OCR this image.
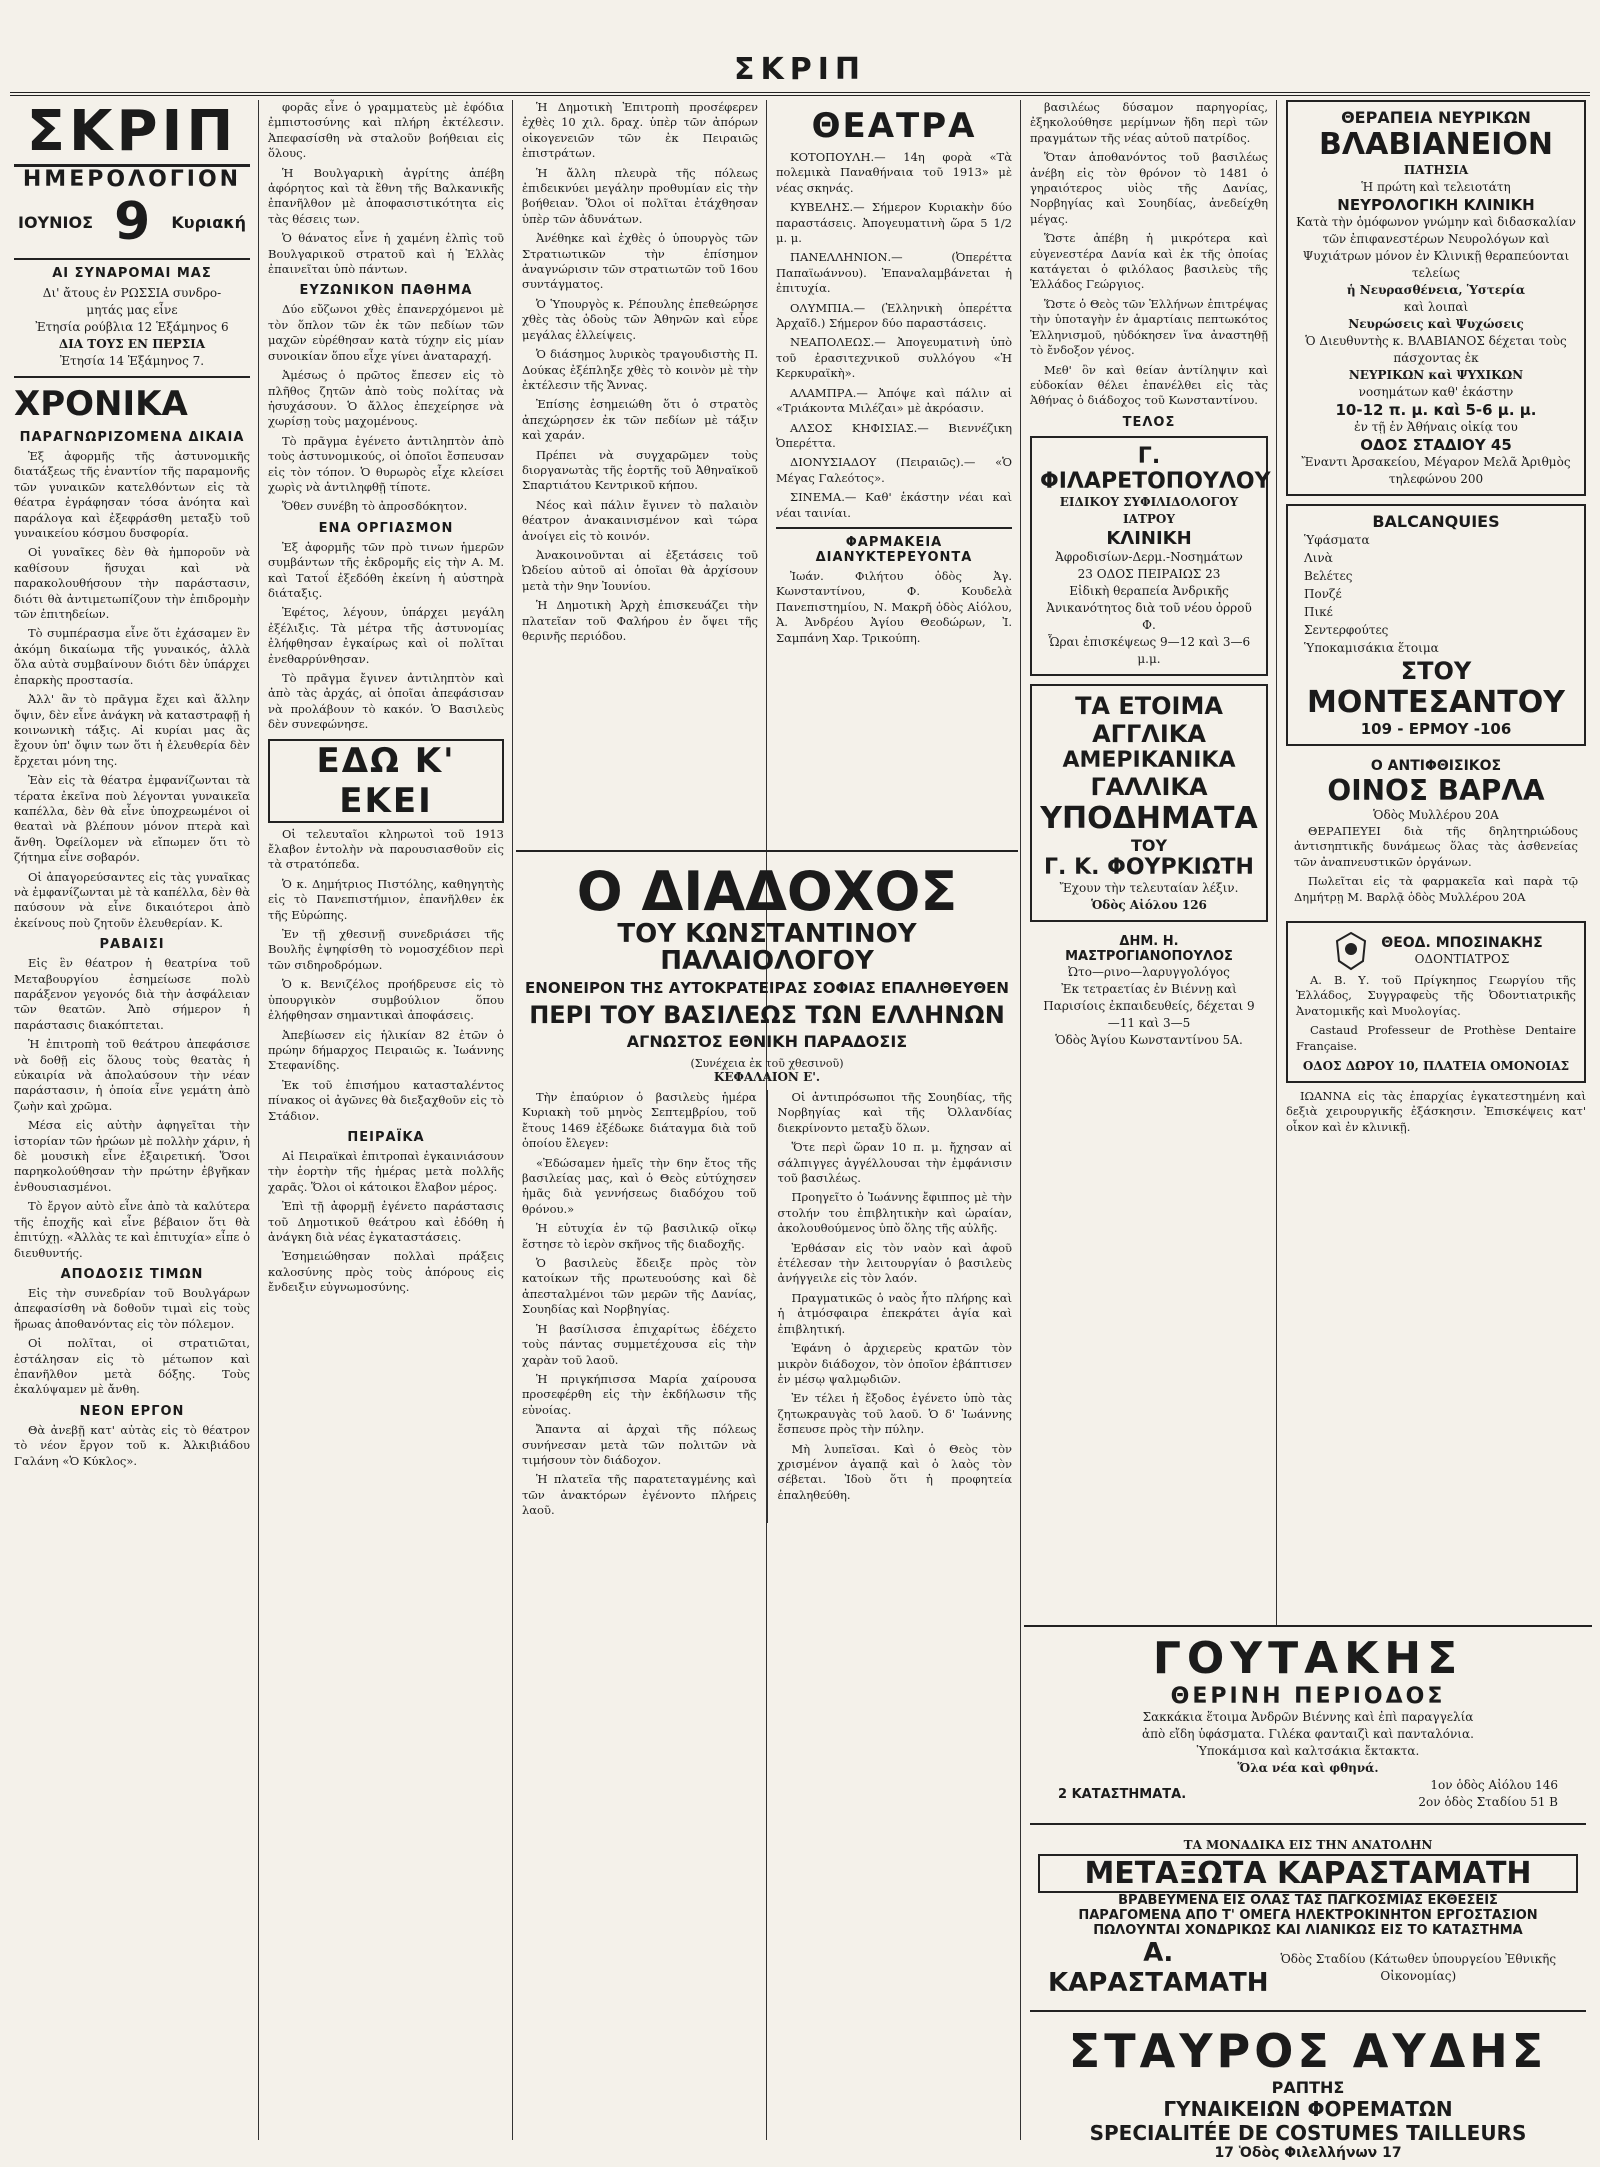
ΣΚΡΙΠ
ΣΚΡΙΠ
ΗΜΕΡΟΛΟΓΙΟΝ
ΙΟΥΝΙΟΣ 9 Κυριακή
ΑΙ ΣΥΝΑΡΟΜΑΙ ΜΑΣ
Δι' ἄτους ἐν ΡΩΣΣΙΑ συνδρο-
μητάς μας εἶνε
Ἐτησία ρούβλια 12 Ἑξάμηνος 6
ΔΙΑ ΤΟΥΣ ΕΝ ΠΕΡΣΙΑ
Ἐτησία 14 Ἑξάμηνος 7.
ΧΡΟΝΙΚΑ
ΠΑΡΑΓΝΩΡΙΖΟΜΕΝΑ ΔΙΚΑΙΑ

Ἐξ ἀφορμῆς τῆς ἀστυνομικῆς διατάξεως τῆς ἐναντίον τῆς παραμονῆς τῶν γυναικῶν κατελθόντων εἰς τὰ θέατρα ἐγράφησαν τόσα ἀνόητα καὶ παράλογα καὶ ἐξεφράσθη μεταξὺ τοῦ γυναικείου κόσμου δυσφορία.

Οἱ γυναῖκες δὲν θὰ ἠμποροῦν νὰ καθίσουν ἥσυχαι καὶ νὰ παρακολουθήσουν τὴν παράστασιν, διότι θὰ ἀντιμετωπίζουν τὴν ἐπιδρομὴν τῶν ἐπιτηδείων.

Τὸ συμπέρασμα εἶνε ὅτι ἐχάσαμεν ἓν ἀκόμη δικαίωμα τῆς γυναικός, ἀλλὰ ὅλα αὐτὰ συμβαίνουν διότι δὲν ὑπάρχει ἐπαρκὴς προστασία.

Ἀλλ' ἂν τὸ πρᾶγμα ἔχει καὶ ἄλλην ὄψιν, δὲν εἶνε ἀνάγκη νὰ καταστραφῇ ἡ κοινωνικὴ τάξις. Αἱ κυρίαι μας ἂς ἔχουν ὑπ' ὄψιν των ὅτι ἡ ἐλευθερία δὲν ἔρχεται μόνη της.

Ἐὰν εἰς τὰ θέατρα ἐμφανίζωνται τὰ τέρατα ἐκεῖνα ποὺ λέγονται γυναικεῖα καπέλλα, δὲν θὰ εἶνε ὑποχρεωμένοι οἱ θεαταὶ νὰ βλέπουν μόνον πτερὰ καὶ ἄνθη. Ὀφείλομεν νὰ εἴπωμεν ὅτι τὸ ζήτημα εἶνε σοβαρόν.

Οἱ ἀπαγορεύσαντες εἰς τὰς γυναῖκας νὰ ἐμφανίζωνται μὲ τὰ καπέλλα, δὲν θὰ παύσουν νὰ εἶνε δικαιότεροι ἀπὸ ἐκείνους ποὺ ζητοῦν ἐλευθερίαν. Κ.

ΡΑΒΑΙΣΙ

Εἰς ἓν θέατρον ἡ θεατρίνα τοῦ Μεταβουργίου ἐσημείωσε πολὺ παράξενον γεγονός διὰ τὴν ἀσφάλειαν τῶν θεατῶν. Ἀπὸ σήμερον ἡ παράστασις διακόπτεται.

Ἡ ἐπιτροπὴ τοῦ θεάτρου ἀπεφάσισε νὰ δοθῇ εἰς ὅλους τοὺς θεατὰς ἡ εὐκαιρία νὰ ἀπολαύσουν τὴν νέαν παράστασιν, ἡ ὁποία εἶνε γεμάτη ἀπὸ ζωὴν καὶ χρῶμα.

Μέσα εἰς αὐτὴν ἀφηγεῖται τὴν ἱστορίαν τῶν ἡρώων μὲ πολλὴν χάριν, ἡ δὲ μουσικὴ εἶνε ἐξαιρετική. Ὅσοι παρηκολούθησαν τὴν πρώτην ἐβγῆκαν ἐνθουσιασμένοι.

Τὸ ἔργον αὐτὸ εἶνε ἀπὸ τὰ καλύτερα τῆς ἐποχῆς καὶ εἶνε βέβαιον ὅτι θὰ ἐπιτύχῃ. «Ἀλλὰς τε καὶ ἐπιτυχία» εἶπε ὁ διευθυντής.

ΑΠΟΔΟΣΙΣ ΤΙΜΩΝ

Εἰς τὴν συνεδρίαν τοῦ Βουλγάρων ἀπεφασίσθη νὰ δοθοῦν τιμαὶ εἰς τοὺς ἥρωας ἀποθανόντας εἰς τὸν πόλεμον.

Οἱ πολῖται, οἱ στρατιῶται, ἐστάλησαν εἰς τὸ μέτωπον καὶ ἐπανῆλθον μετὰ δόξης. Τοὺς ἐκαλύψαμεν μὲ ἄνθη.

ΝΕΟΝ ΕΡΓΟΝ

Θὰ ἀνεβῇ κατ' αὐτὰς εἰς τὸ θέατρον τὸ νέον ἔργον τοῦ κ. Ἀλκιβιάδου Γαλάνη «Ὁ Κύκλος».

φορᾶς εἶνε ὁ γραμματεὺς μὲ ἐφόδια ἐμπιστοσύνης καὶ πλήρη ἐκτέλεσιν. Ἀπεφασίσθη νὰ σταλοῦν βοήθειαι εἰς ὅλους.

Ἡ Βουλγαρικὴ ἀγρίτης ἀπέβη ἀφόρητος καὶ τὰ ἔθνη τῆς Βαλκανικῆς ἐπανῆλθον μὲ ἀποφασιστικότητα εἰς τὰς θέσεις των.

Ὁ θάνατος εἶνε ἡ χαμένη ἐλπὶς τοῦ Βουλγαρικοῦ στρατοῦ καὶ ἡ Ἑλλὰς ἐπαινεῖται ὑπὸ πάντων.

ΕΥΖΩΝΙΚΟΝ ΠΑΘΗΜΑ

Δύο εὔζωνοι χθὲς ἐπανερχόμενοι μὲ τὸν ὅπλον τῶν ἐκ τῶν πεδίων τῶν μαχῶν εὑρέθησαν κατὰ τύχην εἰς μίαν συνοικίαν ὅπου εἶχε γίνει ἀναταραχή.

Ἀμέσως ὁ πρῶτος ἔπεσεν εἰς τὸ πλῆθος ζητῶν ἀπὸ τοὺς πολίτας νὰ ἡσυχάσουν. Ὁ ἄλλος ἐπεχείρησε νὰ χωρίσῃ τοὺς μαχομένους.

Τὸ πρᾶγμα ἐγένετο ἀντιληπτὸν ἀπὸ τοὺς ἀστυνομικούς, οἱ ὁποῖοι ἔσπευσαν εἰς τὸν τόπον. Ὁ θυρωρὸς εἶχε κλείσει χωρὶς νὰ ἀντιληφθῇ τίποτε.

Ὅθεν συνέβη τὸ ἀπροσδόκητον.

ΕΝΑ ΟΡΓΙΑΣΜΟΝ

Ἐξ ἀφορμῆς τῶν πρὸ τινων ἡμερῶν συμβάντων τῆς ἐκδρομῆς εἰς τὴν Α. Μ. καὶ Τατοΐ ἐξεδόθη ἐκείνη ἡ αὐστηρὰ διάταξις.

Ἐφέτος, λέγουν, ὑπάρχει μεγάλη ἐξέλιξις. Τὰ μέτρα τῆς ἀστυνομίας ἐλήφθησαν ἐγκαίρως καὶ οἱ πολῖται ἐνεθαρρύνθησαν.

Τὸ πρᾶγμα ἔγινεν ἀντιληπτὸν καὶ ἀπὸ τὰς ἀρχάς, αἱ ὁποῖαι ἀπεφάσισαν νὰ προλάβουν τὸ κακόν. Ὁ Βασιλεὺς δὲν συνεφώνησε.

ΕΔΩ Κ' ΕΚΕΙ

Οἱ τελευταῖοι κληρωτοὶ τοῦ 1913 ἔλαβον ἐντολὴν νὰ παρουσιασθοῦν εἰς τὰ στρατόπεδα.

Ὁ κ. Δημήτριος Πιστόλης, καθηγητὴς εἰς τὸ Πανεπιστήμιον, ἐπανῆλθεν ἐκ τῆς Εὐρώπης.

Ἐν τῇ χθεσινῇ συνεδριάσει τῆς Βουλῆς ἐψηφίσθη τὸ νομοσχέδιον περὶ τῶν σιδηροδρόμων.

Ὁ κ. Βενιζέλος προήδρευσε εἰς τὸ ὑπουργικὸν συμβούλιον ὅπου ἐλήφθησαν σημαντικαὶ ἀποφάσεις.

Ἀπεβίωσεν εἰς ἡλικίαν 82 ἐτῶν ὁ πρώην δήμαρχος Πειραιῶς κ. Ἰωάννης Στεφανίδης.

Ἐκ τοῦ ἐπισήμου κατασταλέντος πίνακος οἱ ἀγῶνες θὰ διεξαχθοῦν εἰς τὸ Στάδιον.

ΠΕΙΡΑΪΚΑ

Αἱ Πειραϊκαὶ ἐπιτροπαὶ ἐγκαινιάσουν τὴν ἑορτὴν τῆς ἡμέρας μετὰ πολλῆς χαρᾶς. Ὅλοι οἱ κάτοικοι ἔλαβον μέρος.

Ἐπὶ τῇ ἀφορμῇ ἐγένετο παράστασις τοῦ Δημοτικοῦ θεάτρου καὶ ἐδόθη ἡ ἀνάγκη διὰ νέας ἐγκαταστάσεις.

Ἐσημειώθησαν πολλαὶ πράξεις καλοσύνης πρὸς τοὺς ἀπόρους εἰς ἔνδειξιν εὐγνωμοσύνης.

Ἡ Δημοτικὴ Ἐπιτροπὴ προσέφερεν ἐχθὲς 10 χιλ. δραχ. ὑπὲρ τῶν ἀπόρων οἰκογενειῶν τῶν ἐκ Πειραιῶς ἐπιστράτων.

Ἡ ἄλλη πλευρὰ τῆς πόλεως ἐπιδεικνύει μεγάλην προθυμίαν εἰς τὴν βοήθειαν. Ὅλοι οἱ πολῖται ἐτάχθησαν ὑπὲρ τῶν ἀδυνάτων.

Ἀνέθηκε καὶ ἐχθὲς ὁ ὑπουργὸς τῶν Στρατιωτικῶν τὴν ἐπίσημον ἀναγνώρισιν τῶν στρατιωτῶν τοῦ 16ου συντάγματος.

Ὁ Ὑπουργὸς κ. Ρέπουλης ἐπεθεώρησε χθὲς τὰς ὁδοὺς τῶν Ἀθηνῶν καὶ εὗρε μεγάλας ἐλλείψεις.

Ὁ διάσημος λυρικὸς τραγουδιστὴς Π. Δούκας ἐξέπληξε χθὲς τὸ κοινὸν μὲ τὴν ἐκτέλεσιν τῆς Ἄννας.

Ἐπίσης ἐσημειώθη ὅτι ὁ στρατὸς ἀπεχώρησεν ἐκ τῶν πεδίων μὲ τάξιν καὶ χαράν.

Πρέπει νὰ συγχαρῶμεν τοὺς διοργανωτὰς τῆς ἑορτῆς τοῦ Ἀθηναϊκοῦ Σπαρτιάτου Κεντρικοῦ κήπου.

Νέος καὶ πάλιν ἔγινεν τὸ παλαιὸν θέατρον ἀνακαινισμένον καὶ τώρα ἀνοίγει εἰς τὸ κοινόν.

Ἀνακοινοῦνται αἱ ἐξετάσεις τοῦ Ὠδείου αὐτοῦ αἱ ὁποῖαι θὰ ἀρχίσουν μετὰ τὴν 9ην Ἰουνίου.

Ἡ Δημοτικὴ Ἀρχὴ ἐπισκευάζει τὴν πλατεῖαν τοῦ Φαλήρου ἐν ὄψει τῆς θερινῆς περιόδου.

ΘΕΑΤΡΑ

ΚΟΤΟΠΟΥΛΗ.— 14η φορὰ «Τὰ πολεμικὰ Παναθήναια τοῦ 1913» μὲ νέας σκηνάς.

ΚΥΒΕΛΗΣ.— Σήμερον Κυριακὴν δύο παραστάσεις. Ἀπογευματινὴ ὥρα 5 1/2 μ. μ.

ΠΑΝΕΛΛΗΝΙΟΝ.— (Ὀπερέττα Παπαϊωάννου). Ἐπαναλαμβάνεται ἡ ἐπιτυχία.

ΟΛΥΜΠΙΑ.— (Ἑλληνικὴ ὀπερέττα Ἀρχαῖδ.) Σήμερον δύο παραστάσεις.

ΝΕΑΠΟΛΕΩΣ.— Ἀπογευματινὴ ὑπὸ τοῦ ἐρασιτεχνικοῦ συλλόγου «Ἡ Κερκυραϊκὴ».

ΑΛΑΜΠΡΑ.— Ἀπόψε καὶ πάλιν αἱ «Τριάκοντα Μιλέζαι» μὲ ἀκρόασιν.

ΑΛΣΟΣ ΚΗΦΙΣΙΑΣ.— Βιεννέζικη Ὀπερέττα.

ΔΙΟΝΥΣΙΑΔΟΥ (Πειραιῶς).— «Ὁ Μέγας Γαλεότος».

ΣΙΝΕΜΑ.— Καθ' ἑκάστην νέαι καὶ νέαι ταινίαι.

ΦΑΡΜΑΚΕΙΑ ΔΙΑΝΥΚΤΕΡΕΥΟΝΤΑ

Ἰωάν. Φιλήτου ὁδὸς Ἀγ. Κωνσταντίνου, Φ. Κουδελὰ Πανεπιστημίου, Ν. Μακρῆ ὁδὸς Αἰόλου, Ἀ. Ἀνδρέου Ἀγίου Θεοδώρων, Ἰ. Σαμπάνη Χαρ. Τρικούπη.

Ο ΔΙΑΔΟΧΟΣ
ΤΟΥ ΚΩΝΣΤΑΝΤΙΝΟΥ ΠΑΛΑΙΟΛΟΓΟΥ
ΕΝΟΝΕΙΡΟΝ ΤΗΣ ΑΥΤΟΚΡΑΤΕΙΡΑΣ ΣΟΦΙΑΣ ΕΠΑΛΗΘΕΥΘΕΝ
ΠΕΡΙ ΤΟΥ ΒΑΣΙΛΕΩΣ ΤΩΝ ΕΛΛΗΝΩΝ
ΑΓΝΩΣΤΟΣ ΕΘΝΙΚΗ ΠΑΡΑΔΟΣΙΣ
(Συνέχεια ἐκ τοῦ χθεσινοῦ)
ΚΕΦΑΛΑΙΟΝ Ε'.

Τὴν ἐπαύριον ὁ βασιλεὺς ἡμέρα Κυριακὴ τοῦ μηνὸς Σεπτεμβρίου, τοῦ ἔτους 1469 ἐξέδωκε διάταγμα διὰ τοῦ ὁποίου ἔλεγεν:

«Ἐδώσαμεν ἡμεῖς τὴν 6ην ἔτος τῆς βασιλείας μας, καὶ ὁ Θεὸς εὐτύχησεν ἡμᾶς διὰ γεννήσεως διαδόχου τοῦ θρόνου.»

Ἡ εὐτυχία ἐν τῷ βασιλικῷ οἴκῳ ἔστησε τὸ ἱερὸν σκῆνος τῆς διαδοχῆς.

Ὁ βασιλεὺς ἔδειξε πρὸς τὸν κατοίκων τῆς πρωτευούσης καὶ δὲ ἀπεσταλμένοι τῶν μερῶν τῆς Δανίας, Σουηδίας καὶ Νορβηγίας.

Ἡ βασίλισσα ἐπιχαρίτως ἐδέχετο τοὺς πάντας συμμετέχουσα εἰς τὴν χαρὰν τοῦ λαοῦ.

Ἡ πριγκήπισσα Μαρία χαίρουσα προσεφέρθη εἰς τὴν ἐκδήλωσιν τῆς εὐνοίας.

Ἄπαντα αἱ ἀρχαὶ τῆς πόλεως συνήνεσαν μετὰ τῶν πολιτῶν νὰ τιμήσουν τὸν διάδοχον.

Ἡ πλατεῖα τῆς παρατεταγμένης καὶ τῶν ἀνακτόρων ἐγένοντο πλήρεις λαοῦ.

Οἱ ἀντιπρόσωποι τῆς Σουηδίας, τῆς Νορβηγίας καὶ τῆς Ὀλλανδίας διεκρίνοντο μεταξὺ ὅλων.

Ὅτε περὶ ὥραν 10 π. μ. ἤχησαν αἱ σάλπιγγες ἀγγέλλουσαι τὴν ἐμφάνισιν τοῦ βασιλέως.

Προηγεῖτο ὁ Ἰωάννης ἔφιππος μὲ τὴν στολήν του ἐπιβλητικὴν καὶ ὡραίαν, ἀκολουθούμενος ὑπὸ ὅλης τῆς αὐλῆς.

Ἐρθάσαν εἰς τὸν ναὸν καὶ ἀφοῦ ἐτέλεσαν τὴν λειτουργίαν ὁ βασιλεὺς ἀνήγγειλε εἰς τὸν λαόν.

Πραγματικῶς ὁ ναὸς ἦτο πλήρης καὶ ἡ ἀτμόσφαιρα ἐπεκράτει ἁγία καὶ ἐπιβλητική.

Ἐφάνη ὁ ἀρχιερεὺς κρατῶν τὸν μικρὸν διάδοχον, τὸν ὁποῖον ἐβάπτισεν ἐν μέσῳ ψαλμῳδιῶν.

Ἐν τέλει ἡ ἔξοδος ἐγένετο ὑπὸ τὰς ζητωκραυγὰς τοῦ λαοῦ. Ὁ δ' Ἰωάννης ἔσπευσε πρὸς τὴν πύλην.

Μὴ λυπεῖσαι. Καὶ ὁ Θεὸς τὸν χρισμένον ἀγαπᾷ καὶ ὁ λαὸς τὸν σέβεται. Ἰδοὺ ὅτι ἡ προφητεία ἐπαληθεύθη.

βασιλέως δύσαμον παρηγορίας, ἐξηκολούθησε μερίμνων ἤδη περὶ τῶν πραγμάτων τῆς νέας αὐτοῦ πατρίδος.

Ὅταν ἀποθανόντος τοῦ βασιλέως ἀνέβη εἰς τὸν θρόνον τὸ 1481 ὁ γηραιότερος υἱὸς τῆς Δανίας, Νορβηγίας καὶ Σουηδίας, ἀνεδείχθη μέγας.

Ὥστε ἀπέβη ἡ μικρότερα καὶ εὐγενεστέρα Δανία καὶ ἐκ τῆς ὁποίας κατάγεται ὁ φιλόλαος βασιλεὺς τῆς Ἑλλάδος Γεώργιος.

Ὥστε ὁ Θεὸς τῶν Ἑλλήνων ἐπιτρέψας τὴν ὑποταγὴν ἐν ἁμαρτίαις πεπτωκότος Ἑλληνισμοῦ, ηὐδόκησεν ἵνα ἀναστηθῇ τὸ ἔνδοξον γένος.

Μεθ' ὃν καὶ θείαν ἀντίληψιν καὶ εὐδοκίαν θέλει ἐπανέλθει εἰς τὰς Ἀθήνας ὁ διάδοχος τοῦ Κωνσταντίνου.

ΤΕΛΟΣ
Γ. ΦΙΛΑΡΕΤΟΠΟΥΛΟΥ
ΕΙΔΙΚΟΥ ΣΥΦΙΛΙΔΟΛΟΓΟΥ ΙΑΤΡΟΥ
ΚΛΙΝΙΚΗ
Ἀφροδισίων-Δερμ.-Νοσημάτων
23 ΟΔΟΣ ΠΕΙΡΑΙΩΣ 23
Εἰδικὴ θεραπεία Ἀνδρικῆς Ἀνικανότητος διὰ τοῦ νέου ὀρροῦ Φ.
Ὧραι ἐπισκέψεως 9—12 καὶ 3—6 μ.μ.
ΤΑ ΕΤΟΙΜΑ
ΑΓΓΛΙΚΑ
ΑΜΕΡΙΚΑΝΙΚΑ
ΓΑΛΛΙΚΑ
ΥΠΟΔΗΜΑΤΑ
ΤΟΥ
Γ. Κ. ΦΟΥΡΚΙΩΤΗ
Ἔχουν τὴν τελευταίαν λέξιν.
Ὁδὸς Αἰόλου 126
ΔΗΜ. Η. ΜΑΣΤΡΟΓΙΑΝΟΠΟΥΛΟΣ
Ὠτο—ρινο—λαρυγγολόγος
Ἐκ τετραετίας ἐν Βιέννῃ καὶ Παρισίοις ἐκπαιδευθείς, δέχεται 9—11 καὶ 3—5
Ὁδὸς Ἁγίου Κωνσταντίνου 5Α.
ΘΕΡΑΠΕΙΑ ΝΕΥΡΙΚΩΝ
ΒΛΑΒΙΑΝΕΙΟΝ
ΠΑΤΗΣΙΑ
Ἡ πρώτη καὶ τελειοτάτη
ΝΕΥΡΟΛΟΓΙΚΗ ΚΛΙΝΙΚΗ
Κατὰ τὴν ὁμόφωνον γνώμην καὶ διδασκαλίαν τῶν ἐπιφανεστέρων Νευρολόγων καὶ Ψυχιάτρων μόνον ἐν Κλινικῇ θεραπεύονται τελείως
ἡ Νευρασθένεια, Ὑστερία
καὶ λοιπαὶ
Νευρώσεις καὶ Ψυχώσεις
Ὁ Διευθυντὴς κ. ΒΛΑΒΙΑΝΟΣ δέχεται τοὺς πάσχοντας ἐκ
ΝΕΥΡΙΚΩΝ καὶ ΨΥΧΙΚΩΝ
νοσημάτων καθ' ἑκάστην
10-12 π. μ. καὶ 5-6 μ. μ.
ἐν τῇ ἐν Ἀθήναις οἰκίᾳ του
ΟΔΟΣ ΣΤΑΔΙΟΥ 45
Ἔναντι Ἀρσακείου, Μέγαρον Μελᾶ Ἀριθμὸς τηλεφώνου 200
BALCANQUIES
Ὑφάσματα
Λινὰ
Βελέτες
Πονζέ
Πικέ
Σεντερφούτες
Ὑποκαμισάκια ἕτοιμα
ΣΤΟΥ
ΜΟΝΤΕΣΑΝΤΟΥ
109 - ΕΡΜΟΥ -106
Ο ΑΝΤΙΦΘΙΣΙΚΟΣ
ΟΙΝΟΣ ΒΑΡΛΑ
Ὁδὸς Μυλλέρου 20Α

ΘΕΡΑΠΕΥΕΙ διὰ τῆς δηλητηριώδους ἀντισηπτικῆς δυνάμεως ὅλας τὰς ἀσθενείας τῶν ἀναπνευστικῶν ὀργάνων.

Πωλεῖται εἰς τὰ φαρμακεῖα καὶ παρὰ τῷ Δημήτρῃ Μ. Βαρλᾷ ὁδὸς Μυλλέρου 20Α

ΘΕΟΔ. ΜΠΟΣΙΝΑΚΗΣ
ΟΔΟΝΤΙΑΤΡΟΣ

Α. Β. Υ. τοῦ Πρίγκηπος Γεωργίου τῆς Ἑλλάδος, Συγγραφεὺς τῆς Ὀδοντιατρικῆς Ἀνατομικῆς καὶ Μυολογίας.

Castaud Professeur de Prothèse Dentaire Française.

ΟΔΟΣ ΔΩΡΟΥ 10, ΠΛΑΤΕΙΑ ΟΜΟΝΟΙΑΣ

ΙΩΑΝΝΑ εἰς τὰς ἐπαρχίας ἐγκατεστημένη καὶ δεξιὰ χειρουργικῆς ἐξάσκησιν. Ἐπισκέψεις κατ' οἶκον καὶ ἐν κλινικῇ.

ΓΟΥΤΑΚΗΣ
ΘΕΡΙΝΗ ΠΕΡΙΟΔΟΣ
Σακκάκια ἕτοιμα Ἀνδρῶν Βιέννης καὶ ἐπὶ παραγγελία
ἀπὸ εἴδη ὑφάσματα. Γιλέκα φανταιζὶ καὶ πανταλόνια.
Ὑποκάμισα καὶ καλτσάκια ἔκτακτα.
Ὅλα νέα καὶ φθηνά.
2 ΚΑΤΑΣΤΗΜΑΤΑ.
1ον ὁδὸς Αἰόλου 146
2ον ὁδὸς Σταδίου 51 Β
ΤΑ ΜΟΝΑΔΙΚΑ ΕΙΣ ΤΗΝ ΑΝΑΤΟΛΗΝ
ΜΕΤΑΞΩΤΑ ΚΑΡΑΣΤΑΜΑΤΗ
ΒΡΑΒΕΥΜΕΝΑ ΕΙΣ ΟΛΑΣ ΤΑΣ ΠΑΓΚΟΣΜΙΑΣ ΕΚΘΕΣΕΙΣ
ΠΑΡΑΓΟΜΕΝΑ ΑΠΟ Τ' ΟΜΕΓΑ ΗΛΕΚΤΡΟΚΙΝΗΤΟΝ ΕΡΓΟΣΤΑΣΙΟΝ
ΠΩΛΟΥΝΤΑΙ ΧΟΝΔΡΙΚΩΣ ΚΑΙ ΛΙΑΝΙΚΩΣ ΕΙΣ ΤΟ ΚΑΤΑΣΤΗΜΑ
Α. ΚΑΡΑΣΤΑΜΑΤΗ
Ὁδὸς Σταδίου (Κάτωθεν ὑπουργείου Ἐθνικῆς Οἰκονομίας)
ΣΤΑΥΡΟΣ ΑΥΔΗΣ
ΡΑΠΤΗΣ
ΓΥΝΑΙΚΕΙΩΝ ΦΟΡΕΜΑΤΩΝ
SPECIALITÉE DE COSTUMES TAILLEURS
17 Ὁδὸς Φιλελλήνων 17
